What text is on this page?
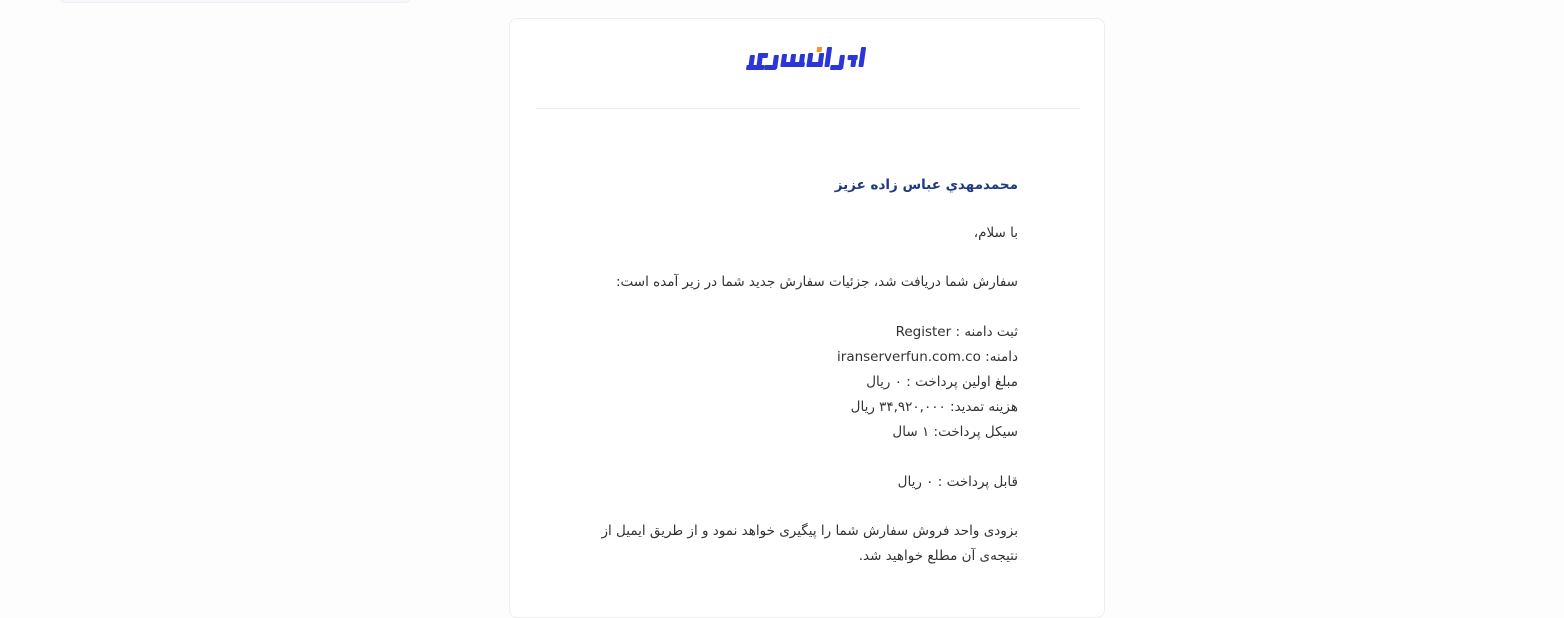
محمدمهدي عباس زاده عزیز
با سلام،
سفارش شما دریافت شد، جزئیات سفارش جدید شما در زیر آمده است:
ثبت دامنه : Register
دامنه: iranserverfun.com.co
مبلغ اولین پرداخت : ۰ ریال
هزینه تمدید: ۳۴,۹۲۰,۰۰۰ ریال
سیکل پرداخت: ۱ سال
قابل پرداخت : ۰ ریال
بزودی واحد فروش سفارش شما را پیگیری خواهد نمود و از طریق ایمیل از نتیجه‌ی آن مطلع خواهید شد.
